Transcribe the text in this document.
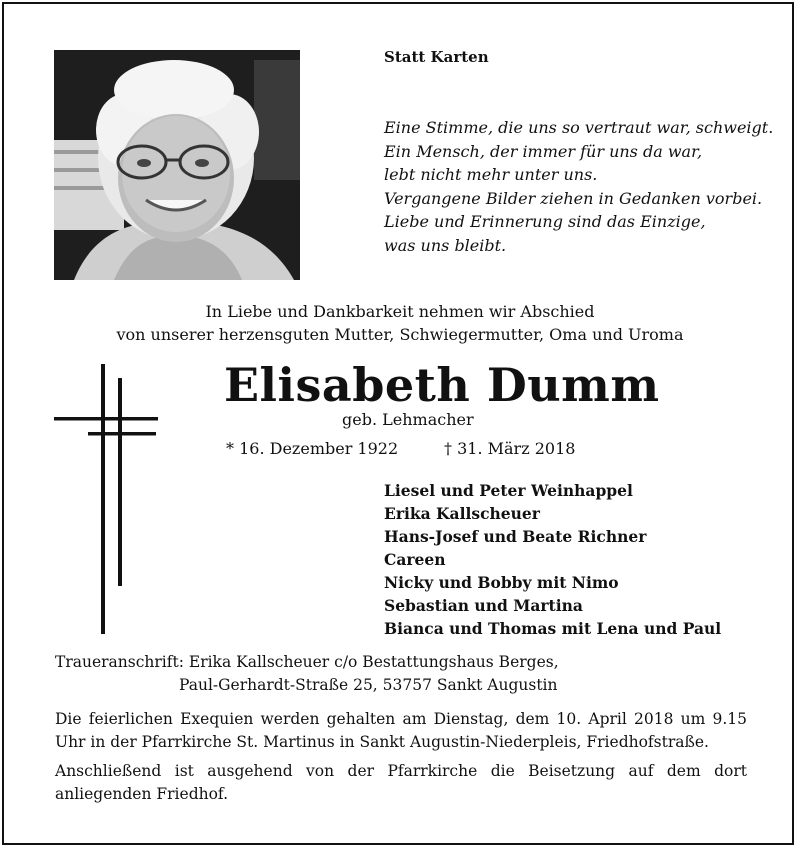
Statt Karten
Eine Stimme, die uns so vertraut war, schweigt.
Ein Mensch, der immer für uns da war,
lebt nicht mehr unter uns.
Vergangene Bilder ziehen in Gedanken vorbei.
Liebe und Erinnerung sind das Einzige,
was uns bleibt.
In Liebe und Dankbarkeit nehmen wir Abschied
von unserer herzensguten Mutter, Schwiegermutter, Oma und Uroma
Elisabeth Dumm
geb. Lehmacher
* 16. Dezember 1922	† 31. März 2018
Liesel und Peter Weinhappel
Erika Kallscheuer
Hans-Josef und Beate Richner
Careen
Nicky und Bobby mit Nimo
Sebastian und Martina
Bianca und Thomas mit Lena und Paul
Traueranschrift: Erika Kallscheuer c/o Bestattungshaus Berges,
Paul-Gerhardt-Straße 25, 53757 Sankt Augustin
Die feierlichen Exequien werden gehalten am Dienstag, dem 10. April 2018 um 9.15 Uhr in der Pfarrkirche St. Martinus in Sankt Augustin-Niederpleis, Friedhofstraße.
Anschließend ist ausgehend von der Pfarrkirche die Beisetzung auf dem dort anliegenden Friedhof.
